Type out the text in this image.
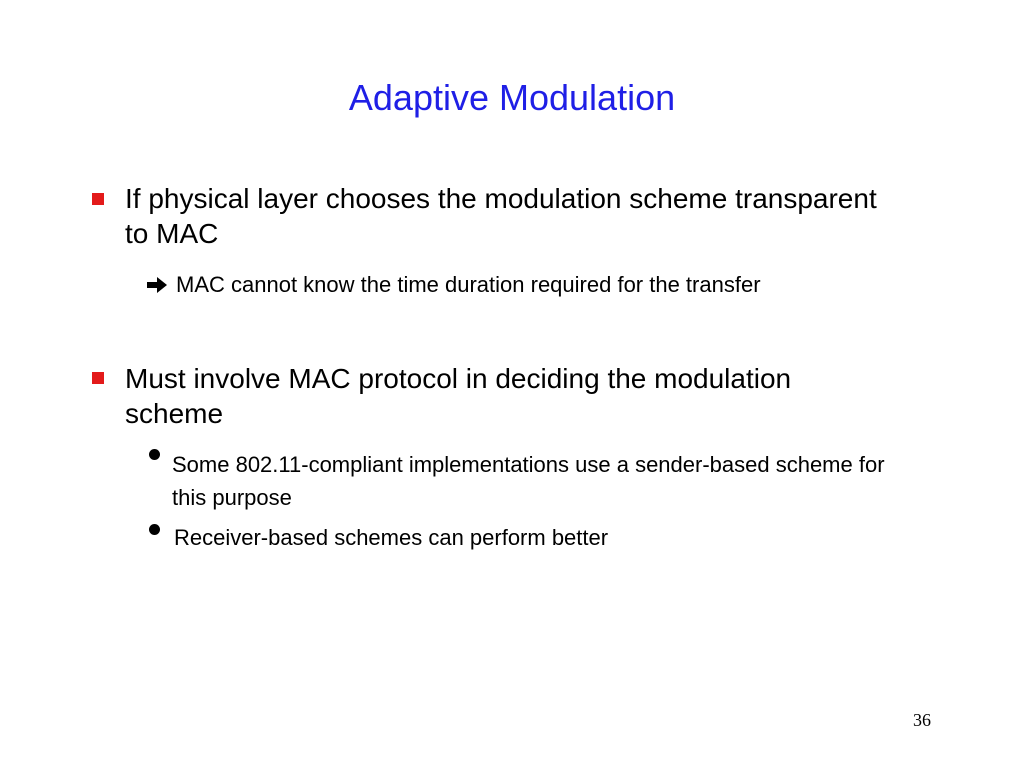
Adaptive Modulation

If physical layer chooses the modulation scheme transparent to MAC

MAC cannot know the time duration required for the transfer

Must involve MAC protocol in deciding the modulation scheme

Some 802.11-compliant implementations use a sender-based scheme for this purpose

Receiver-based schemes can perform better

36
